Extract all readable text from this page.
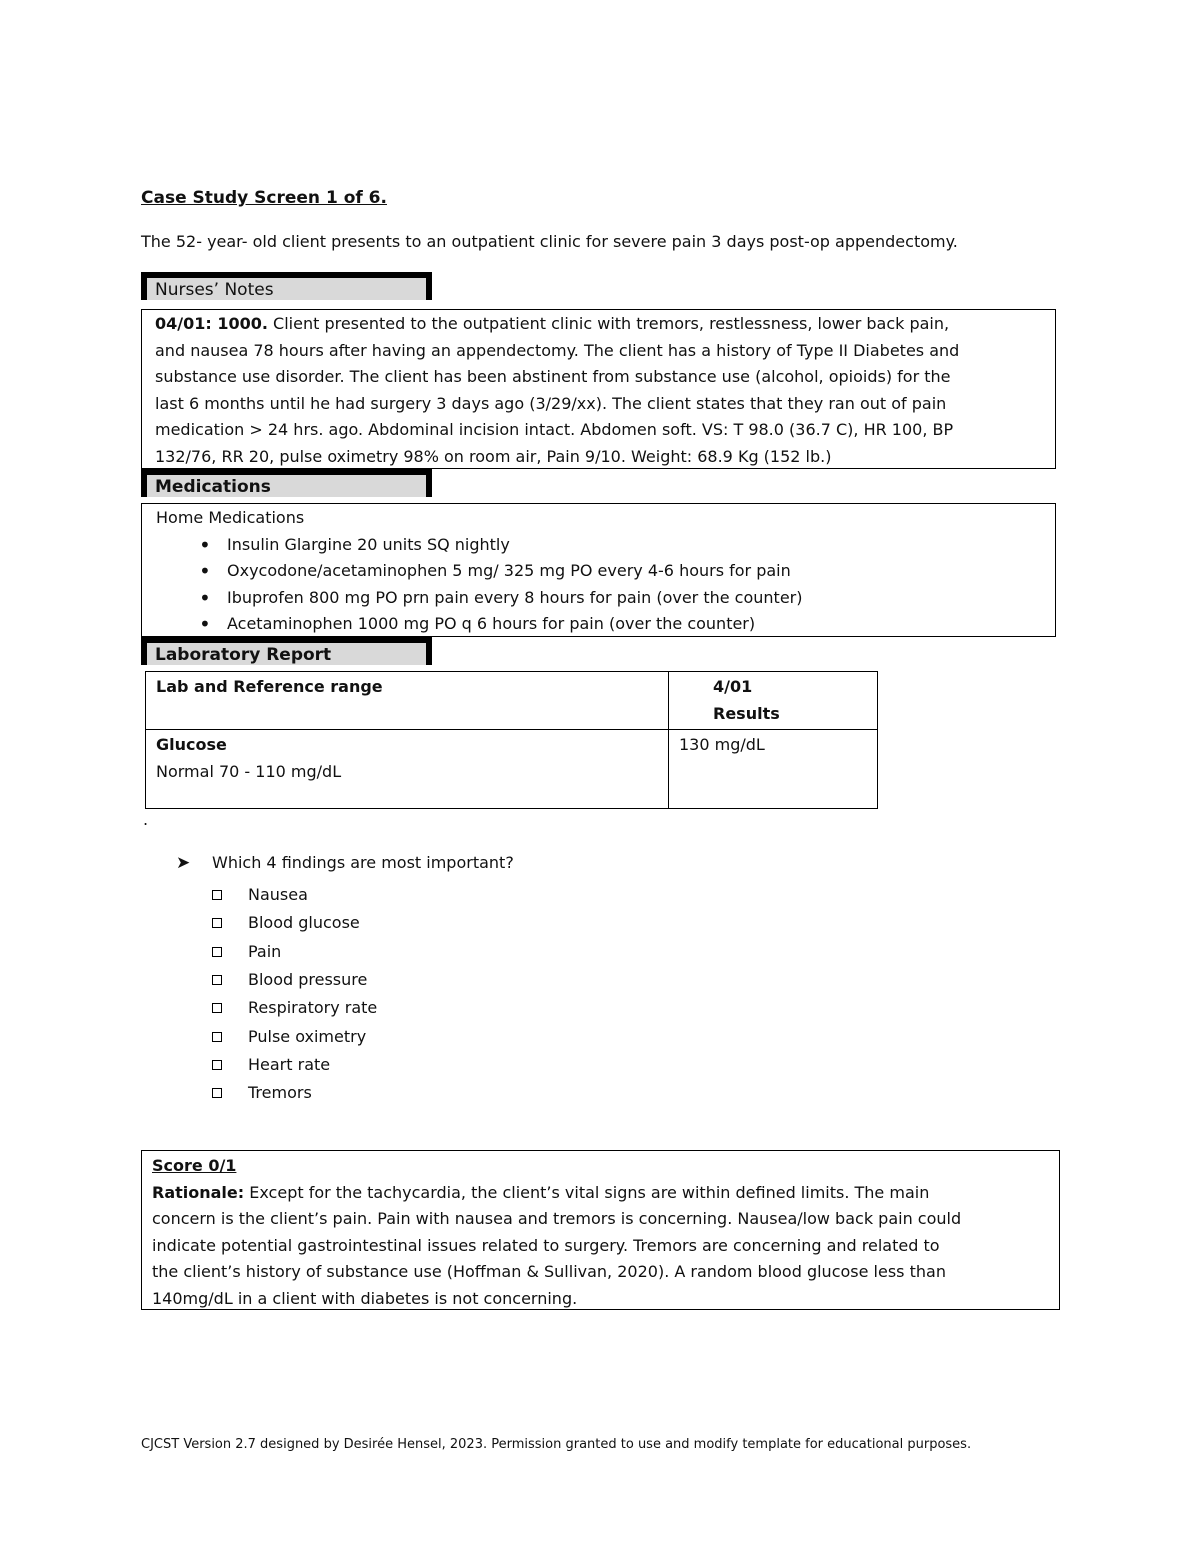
Case Study Screen 1 of 6.
The 52- year- old client presents to an outpatient clinic for severe pain 3 days post-op appendectomy.
Nurses’ Notes
04/01: 1000. Client presented to the outpatient clinic with tremors, restlessness, lower back pain,
and nausea 78 hours after having an appendectomy. The client has a history of Type II Diabetes and
substance use disorder. The client has been abstinent from substance use (alcohol, opioids) for the
last 6 months until he had surgery 3 days ago (3/29/xx). The client states that they ran out of pain
medication > 24 hrs. ago. Abdominal incision intact. Abdomen soft. VS: T 98.0 (36.7 C), HR 100, BP
132/76, RR 20, pulse oximetry 98% on room air, Pain 9/10. Weight: 68.9 Kg (152 lb.)
Medications
Home Medications
• Insulin Glargine 20 units SQ nightly
• Oxycodone/acetaminophen 5 mg/ 325 mg PO every 4-6 hours for pain
• Ibuprofen 800 mg PO prn pain every 8 hours for pain (over the counter)
• Acetaminophen 1000 mg PO q 6 hours for pain (over the counter)
Laboratory Report
Lab and Reference range	4/01
Results
Glucose
Normal 70 - 110 mg/dL	130 mg/dL
.
➤ Which 4 findings are most important?
Nausea
Blood glucose
Pain
Blood pressure
Respiratory rate
Pulse oximetry
Heart rate
Tremors
Score 0/1
Rationale: Except for the tachycardia, the client’s vital signs are within defined limits. The main
concern is the client’s pain. Pain with nausea and tremors is concerning. Nausea/low back pain could
indicate potential gastrointestinal issues related to surgery. Tremors are concerning and related to
the client’s history of substance use (Hoffman & Sullivan, 2020). A random blood glucose less than
140mg/dL in a client with diabetes is not concerning.
CJCST Version 2.7 designed by Desirée Hensel, 2023. Permission granted to use and modify template for educational purposes.
